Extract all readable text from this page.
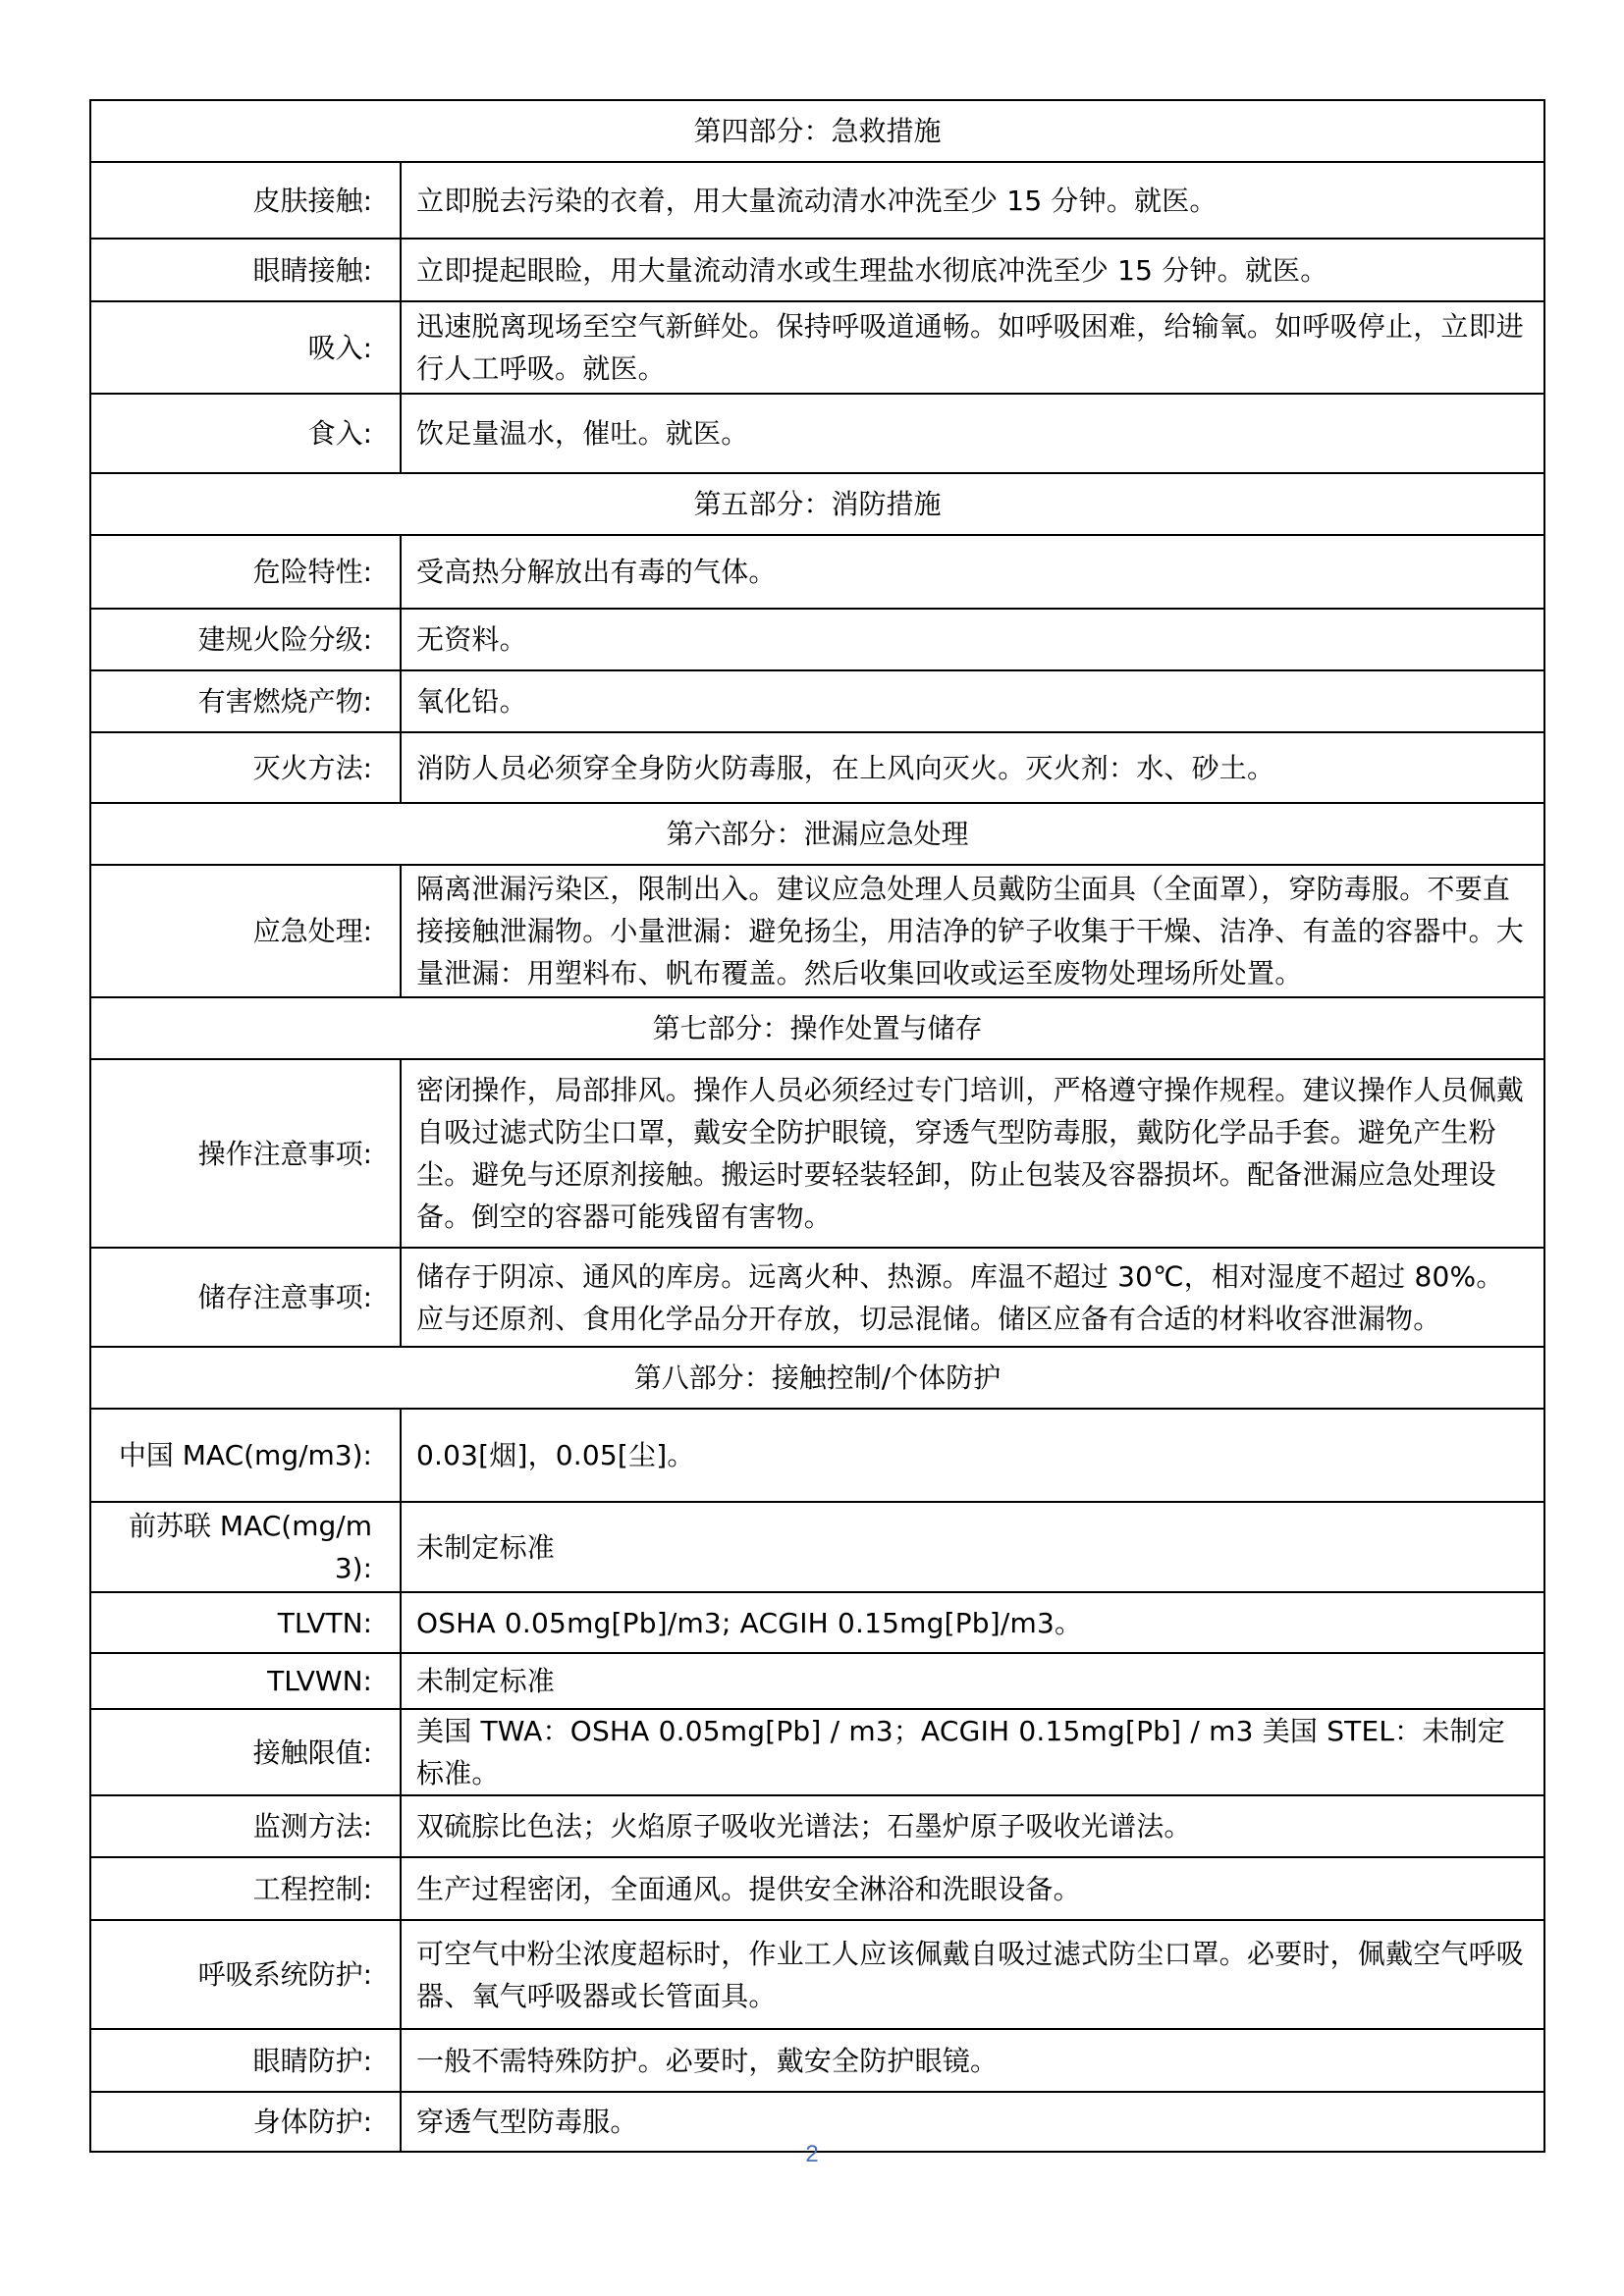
第四部分：急救措施	
皮肤接触:	立即脱去污染的衣着，用大量流动清水冲洗至少 15 分钟。就医。
眼睛接触:	立即提起眼睑，用大量流动清水或生理盐水彻底冲洗至少 15 分钟。就医。
吸入:	迅速脱离现场至空气新鲜处。保持呼吸道通畅。如呼吸困难，给输氧。如呼吸停止，立即进行人工呼吸。就医。
食入:	饮足量温水，催吐。就医。
第五部分：消防措施	
危险特性:	受高热分解放出有毒的气体。
建规火险分级:	无资料。
有害燃烧产物:	氧化铅。
灭火方法:	消防人员必须穿全身防火防毒服，在上风向灭火。灭火剂：水、砂土。
第六部分：泄漏应急处理	
应急处理:	隔离泄漏污染区，限制出入。建议应急处理人员戴防尘面具（全面罩），穿防毒服。不要直接接触泄漏物。小量泄漏：避免扬尘，用洁净的铲子收集于干燥、洁净、有盖的容器中。大量泄漏：用塑料布、帆布覆盖。然后收集回收或运至废物处理场所处置。
第七部分：操作处置与储存	
操作注意事项:	密闭操作，局部排风。操作人员必须经过专门培训，严格遵守操作规程。建议操作人员佩戴自吸过滤式防尘口罩，戴安全防护眼镜，穿透气型防毒服，戴防化学品手套。避免产生粉尘。避免与还原剂接触。搬运时要轻装轻卸，防止包装及容器损坏。配备泄漏应急处理设备。倒空的容器可能残留有害物。
储存注意事项:	储存于阴凉、通风的库房。远离火种、热源。库温不超过 30℃，相对湿度不超过 80%。应与还原剂、食用化学品分开存放，切忌混储。储区应备有合适的材料收容泄漏物。
第八部分：接触控制/个体防护	
中国 MAC(mg/m3):	0.03[烟]，0.05[尘]。
前苏联 MAC(mg/m3):	未制定标准
TLVTN:	OSHA 0.05mg[Pb]/m3; ACGIH 0.15mg[Pb]/m3。
TLVWN:	未制定标准
接触限值:	美国 TWA：OSHA 0.05mg[Pb] / m3；ACGIH 0.15mg[Pb] / m3 美国 STEL：未制定标准。
监测方法:	双硫腙比色法；火焰原子吸收光谱法；石墨炉原子吸收光谱法。
工程控制:	生产过程密闭，全面通风。提供安全淋浴和洗眼设备。
呼吸系统防护:	可空气中粉尘浓度超标时，作业工人应该佩戴自吸过滤式防尘口罩。必要时，佩戴空气呼吸器、氧气呼吸器或长管面具。
眼睛防护:	一般不需特殊防护。必要时，戴安全防护眼镜。
身体防护:	穿透气型防毒服。
2
